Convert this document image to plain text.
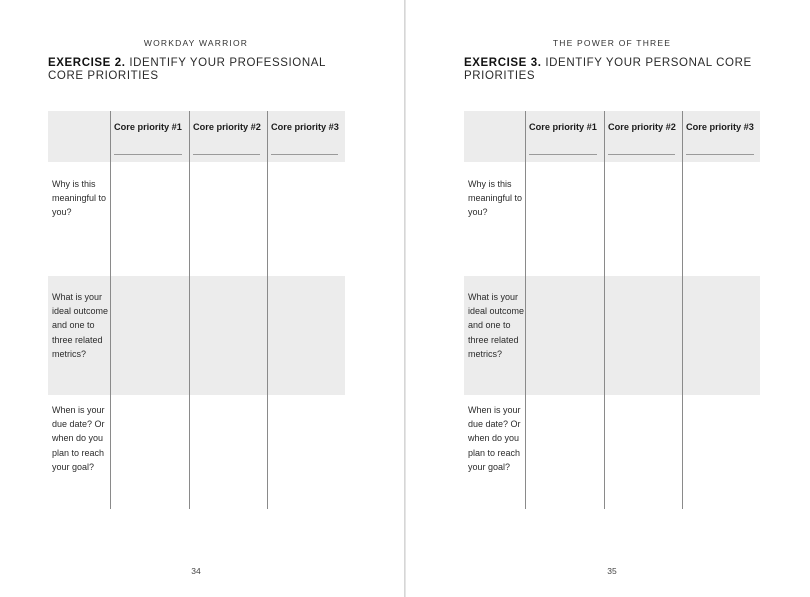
WORKDAY WARRIOR
EXERCISE 2. IDENTIFY YOUR PROFESSIONAL CORE PRIORITIES
Core priority #1 Core priority #2 Core priority #3
Why is this meaningful to you?
What is your ideal outcome and one to three related metrics?
When is your due date? Or when do you plan to reach your goal?
34
THE POWER OF THREE
EXERCISE 3. IDENTIFY YOUR PERSONAL CORE PRIORITIES
Core priority #1 Core priority #2 Core priority #3
Why is this meaningful to you?
What is your ideal outcome and one to three related metrics?
When is your due date? Or when do you plan to reach your goal?
35
